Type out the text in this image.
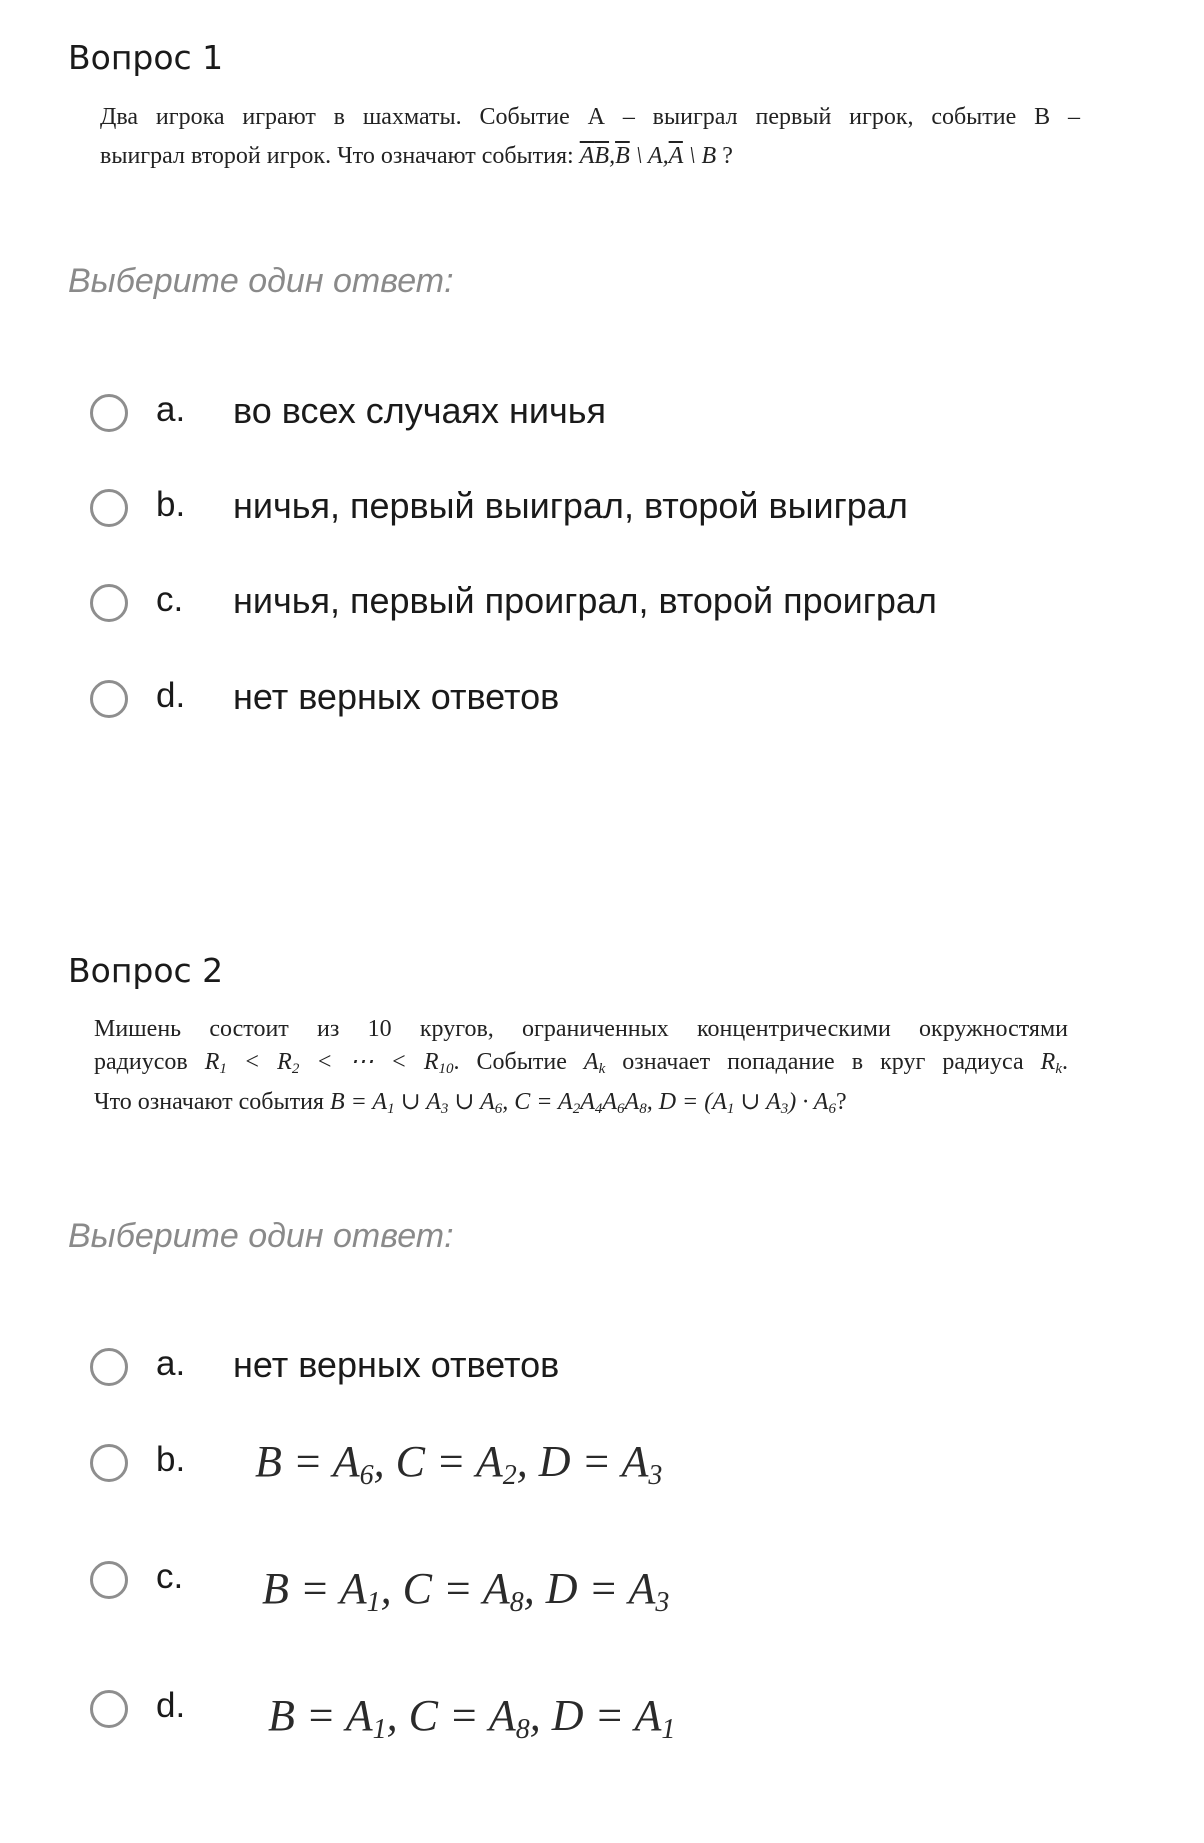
Вопрос 1
Два игрока играют в шахматы. Событие А – выиграл первый игрок, событие В –
выиграл второй игрок. Что означают события: $\overline{A}\overline{B},\overline{B}$ \ $A,\overline{A}$ \ B ?
Выберите один ответ:
a. во всех случаях ничья
b. ничья, первый выиграл, второй выиграл
c. ничья, первый проиграл, второй проиграл
d. нет верных ответов
Вопрос 2
Мишень состоит из 10 кругов, ограниченных концентрическими окружностями
радиусов $R_1 < R_2$ < ⋯ < $R_{10}$. Событие $A_k$ означает попадание в круг радиуса $R_k$.
Что означают события $B = A_1$ ∪ $A_3$ ∪ $A_6$, $C = A_2A_4A_6A_8$, $D = (A_1$ ∪ $A_3) \cdot A_6$?
Выберите один ответ:
a. нет верных ответов
b. $B = A_6$, $C = A_2$, $D = A_3$
c. $B = A_1$, $C = A_8$, $D = A_3$
d. $B = A_1$, $C = A_8$, $D = A_1$
